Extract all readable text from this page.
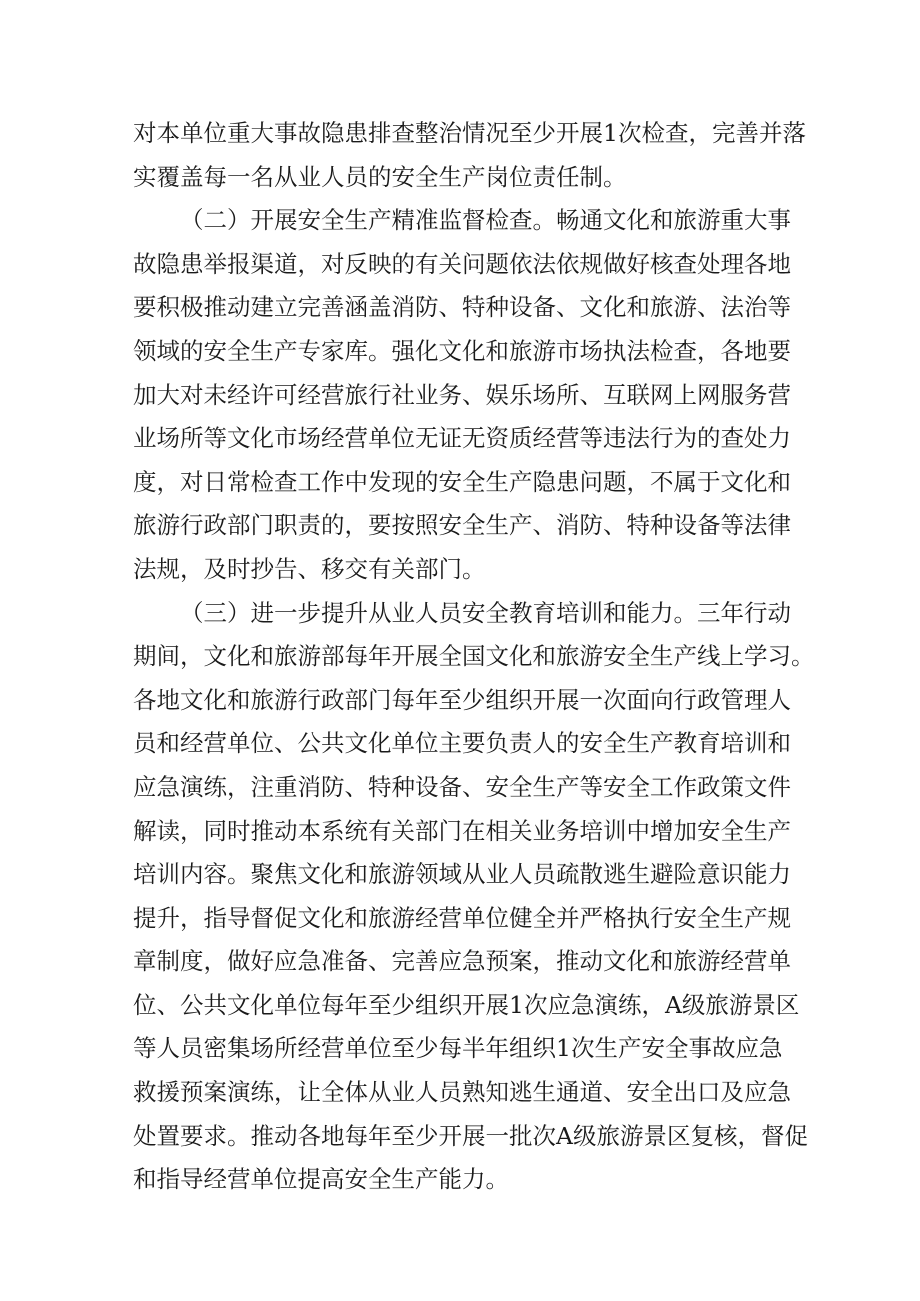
对本单位重大事故隐患排查整治情况至少开展1次检查，完善并落
实覆盖每一名从业人员的安全生产岗位责任制。
（二）开展安全生产精准监督检查。畅通文化和旅游重大事
故隐患举报渠道，对反映的有关问题依法依规做好核查处理各地
要积极推动建立完善涵盖消防、特种设备、文化和旅游、法治等
领域的安全生产专家库。强化文化和旅游市场执法检查，各地要
加大对未经许可经营旅行社业务、娱乐场所、互联网上网服务营
业场所等文化市场经营单位无证无资质经营等违法行为的查处力
度，对日常检查工作中发现的安全生产隐患问题，不属于文化和
旅游行政部门职责的，要按照安全生产、消防、特种设备等法律
法规，及时抄告、移交有关部门。
（三）进一步提升从业人员安全教育培训和能力。三年行动
期间，文化和旅游部每年开展全国文化和旅游安全生产线上学习。
各地文化和旅游行政部门每年至少组织开展一次面向行政管理人
员和经营单位、公共文化单位主要负责人的安全生产教育培训和
应急演练，注重消防、特种设备、安全生产等安全工作政策文件
解读，同时推动本系统有关部门在相关业务培训中增加安全生产
培训内容。聚焦文化和旅游领域从业人员疏散逃生避险意识能力
提升，指导督促文化和旅游经营单位健全并严格执行安全生产规
章制度，做好应急准备、完善应急预案，推动文化和旅游经营单
位、公共文化单位每年至少组织开展1次应急演练，A级旅游景区
等人员密集场所经营单位至少每半年组织1次生产安全事故应急
救援预案演练，让全体从业人员熟知逃生通道、安全出口及应急
处置要求。推动各地每年至少开展一批次A级旅游景区复核，督促
和指导经营单位提高安全生产能力。
